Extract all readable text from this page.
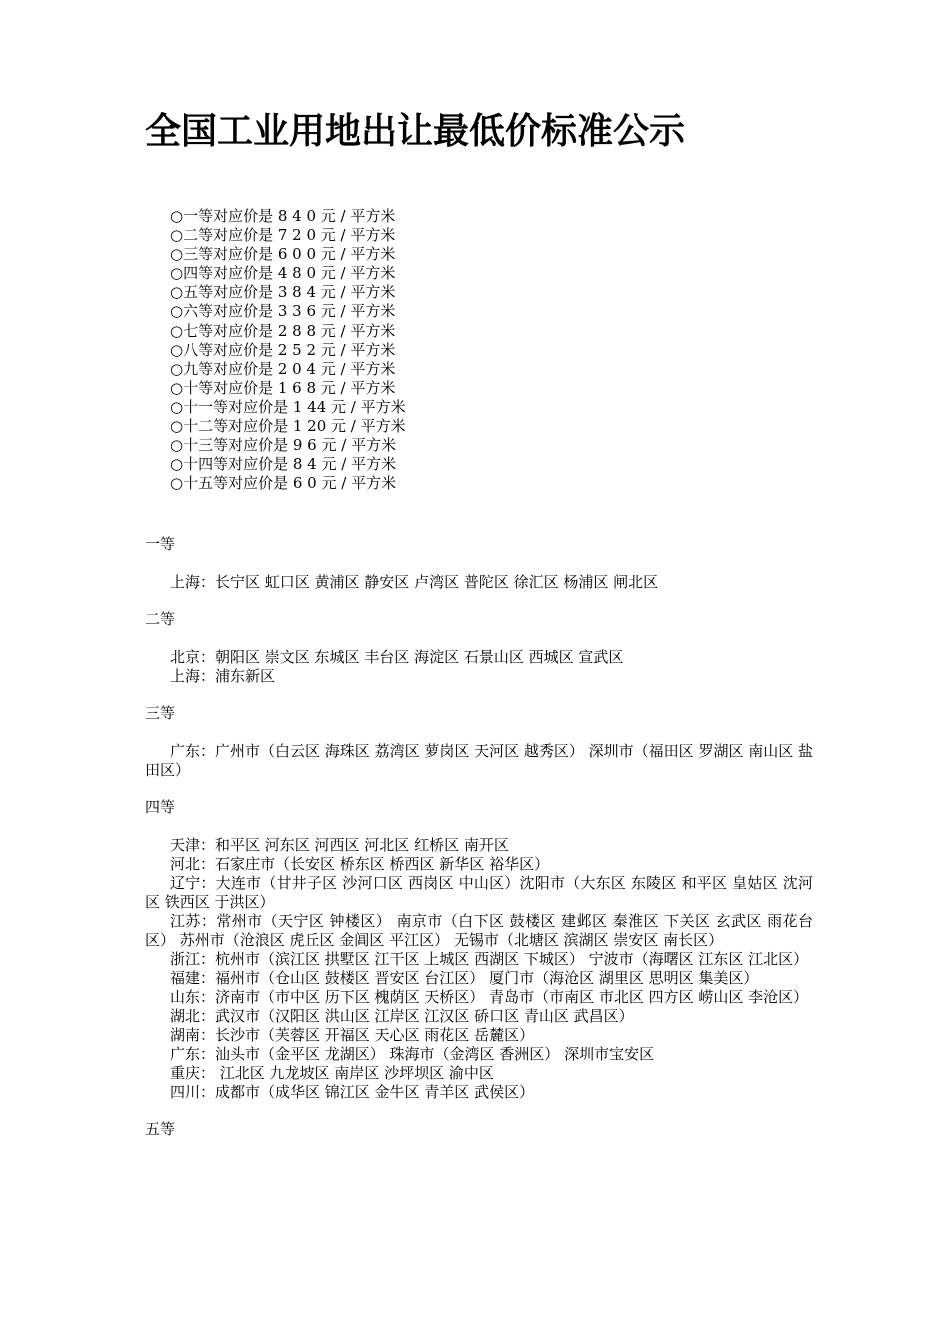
全国工业用地出让最低价标准公示
○一等对应价是 8 4 0 元 / 平方米
○二等对应价是 7 2 0 元 / 平方米
○三等对应价是 6 0 0 元 / 平方米
○四等对应价是 4 8 0 元 / 平方米
○五等对应价是 3 8 4 元 / 平方米
○六等对应价是 3 3 6 元 / 平方米
○七等对应价是 2 8 8 元 / 平方米
○八等对应价是 2 5 2 元 / 平方米
○九等对应价是 2 0 4 元 / 平方米
○十等对应价是 1 6 8 元 / 平方米
○十一等对应价是 1 44 元 / 平方米
○十二等对应价是 1 20 元 / 平方米
○十三等对应价是 9 6 元 / 平方米
○十四等对应价是 8 4 元 / 平方米
○十五等对应价是 6 0 元 / 平方米

一等

上海：长宁区 虹口区 黄浦区 静安区 卢湾区 普陀区 徐汇区 杨浦区 闸北区

二等

北京：朝阳区 崇文区 东城区 丰台区 海淀区 石景山区 西城区 宣武区

上海：浦东新区

三等

广东：广州市（白云区 海珠区 荔湾区 萝岗区 天河区 越秀区） 深圳市（福田区 罗湖区 南山区 盐田区）

四等

天津：和平区 河东区 河西区 河北区 红桥区 南开区

河北：石家庄市（长安区 桥东区 桥西区 新华区 裕华区）

辽宁：大连市（甘井子区 沙河口区 西岗区 中山区）沈阳市（大东区 东陵区 和平区 皇姑区 沈河区 铁西区 于洪区）

江苏：常州市（天宁区 钟楼区） 南京市（白下区 鼓楼区 建邺区 秦淮区 下关区 玄武区 雨花台区） 苏州市（沧浪区 虎丘区 金阊区 平江区） 无锡市（北塘区 滨湖区 崇安区 南长区）

浙江：杭州市（滨江区 拱墅区 江干区 上城区 西湖区 下城区） 宁波市（海曙区 江东区 江北区）

福建：福州市（仓山区 鼓楼区 晋安区 台江区） 厦门市（海沧区 湖里区 思明区 集美区）

山东：济南市（市中区 历下区 槐荫区 天桥区） 青岛市（市南区 市北区 四方区 崂山区 李沧区）

湖北：武汉市（汉阳区 洪山区 江岸区 江汉区 硚口区 青山区 武昌区）

湖南：长沙市（芙蓉区 开福区 天心区 雨花区 岳麓区）

广东：汕头市（金平区 龙湖区） 珠海市（金湾区 香洲区） 深圳市宝安区

重庆： 江北区 九龙坡区 南岸区 沙坪坝区 渝中区

四川：成都市（成华区 锦江区 金牛区 青羊区 武侯区）

五等
